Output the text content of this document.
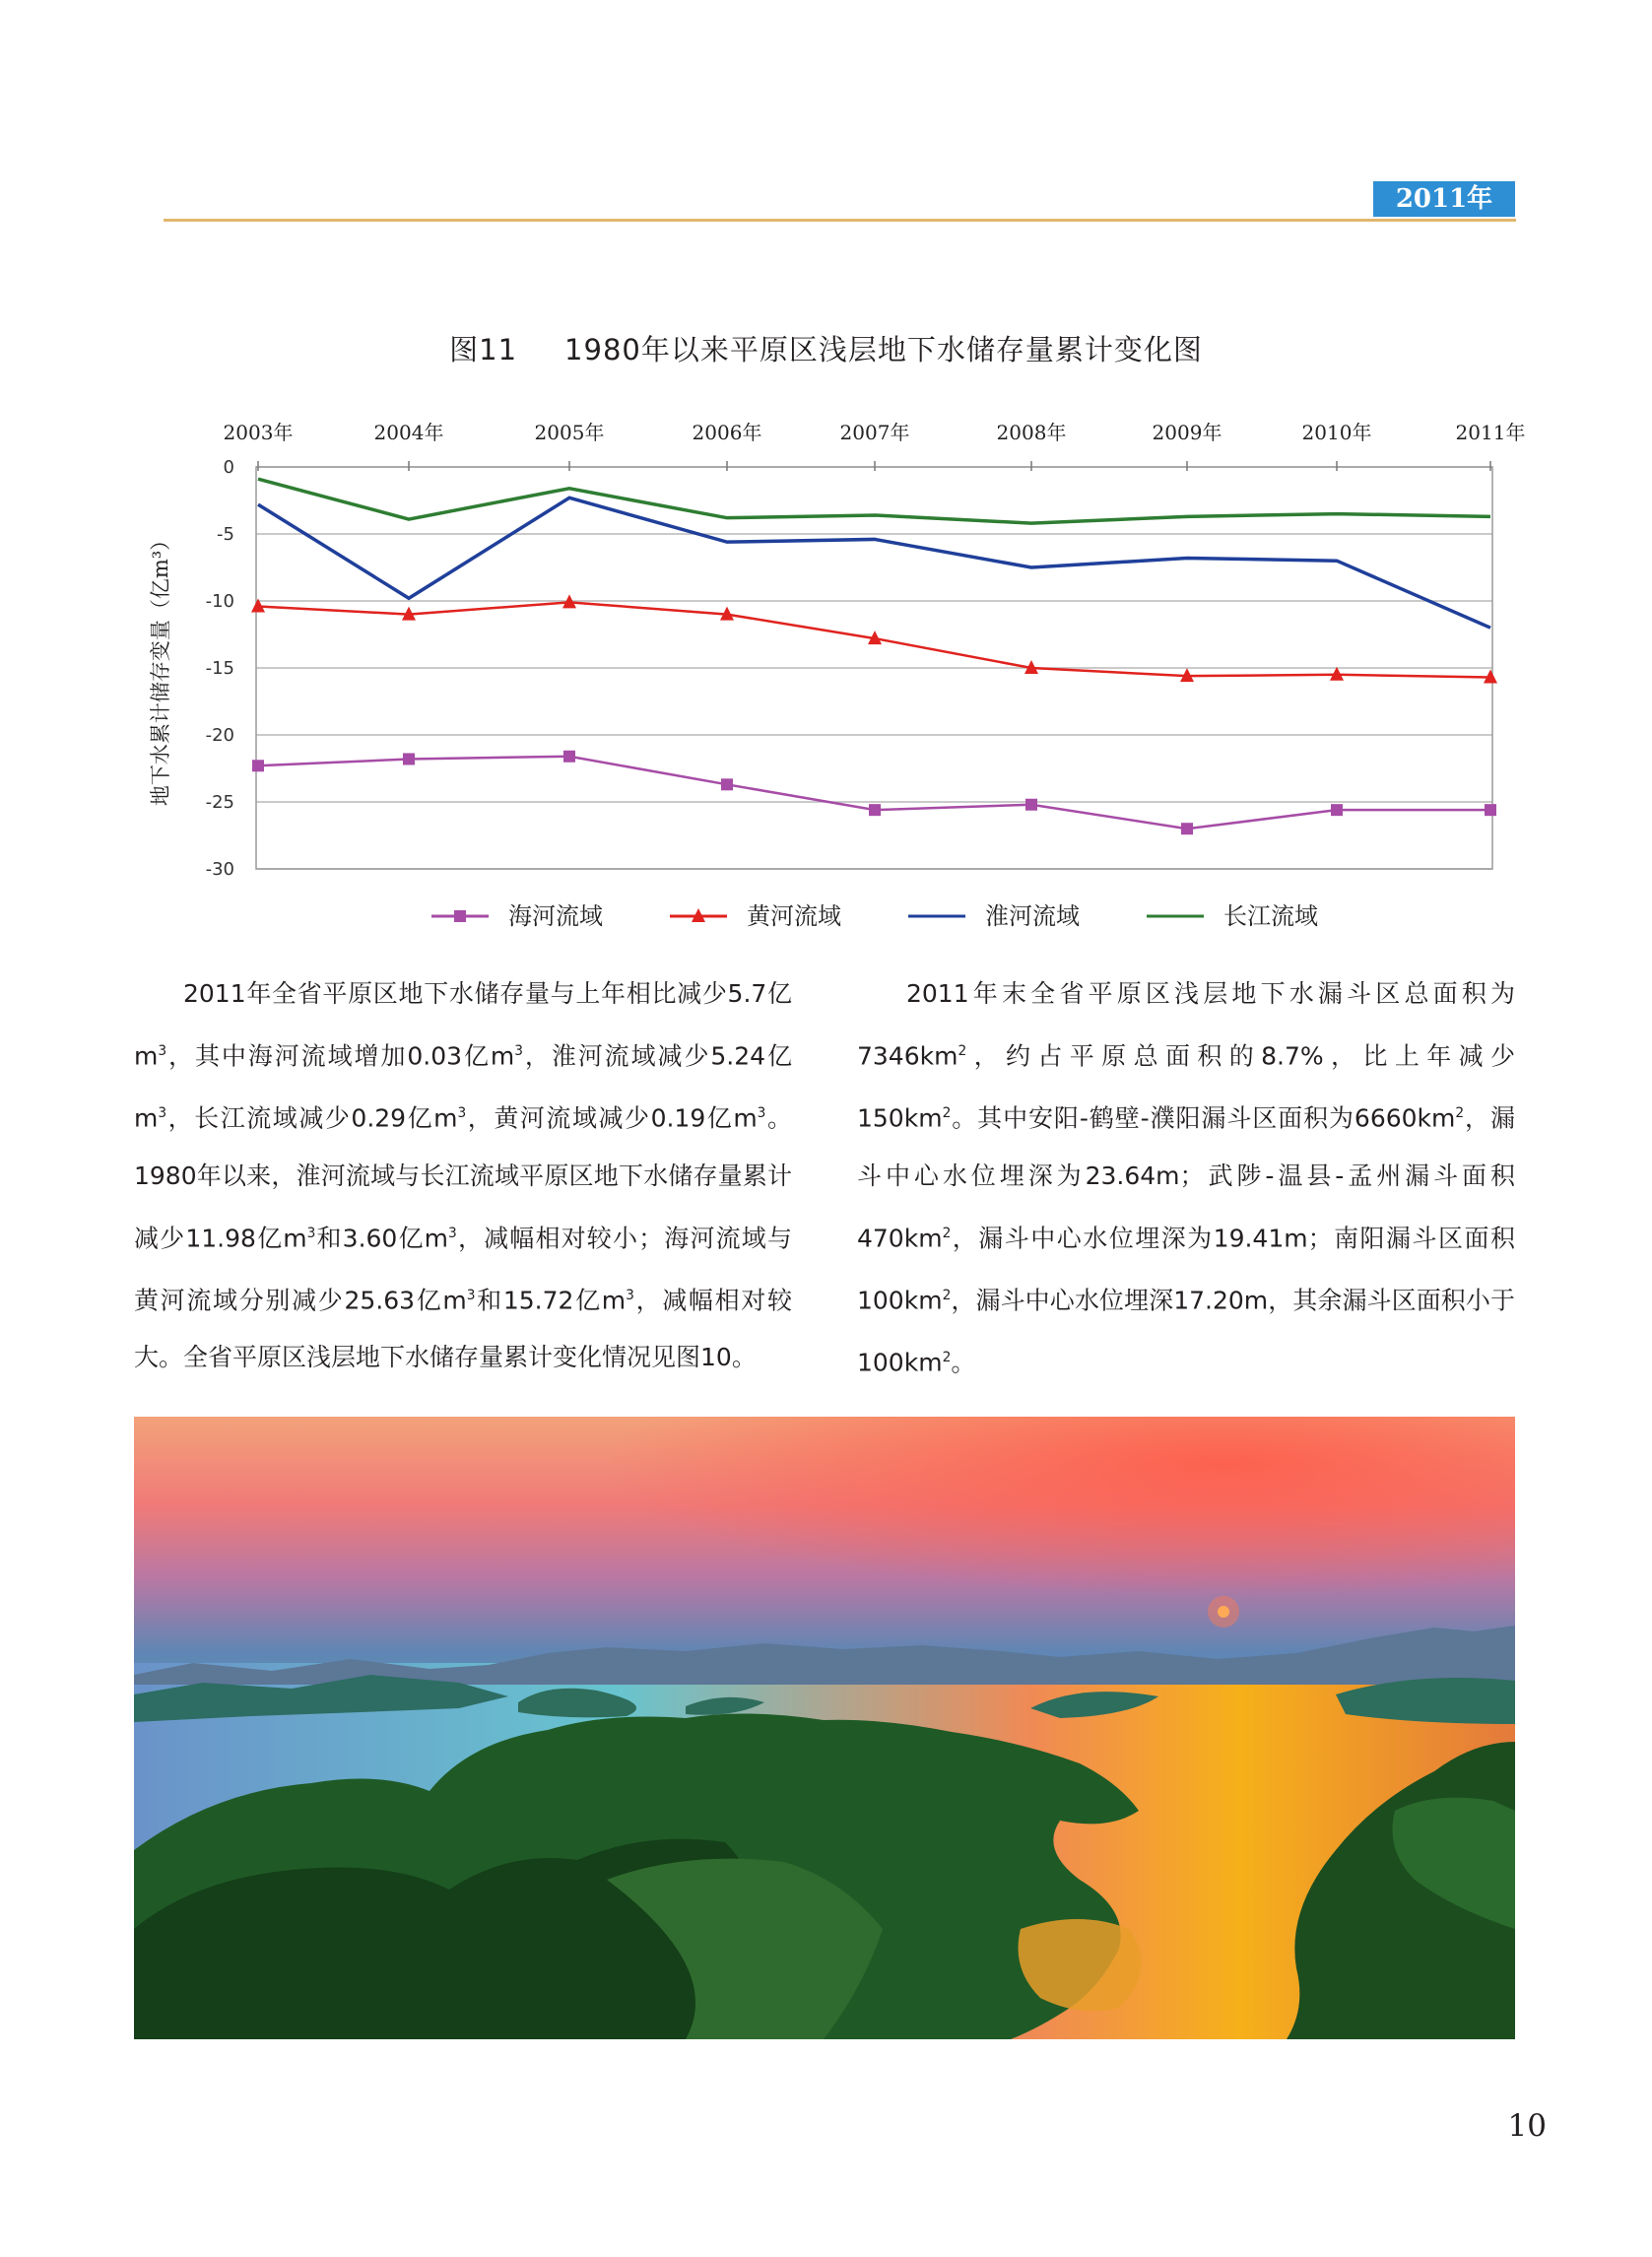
2011年
图11 1980年以来平原区浅层地下水储存量累计变化图
0
-5
-10
-15
-20
-25
-30
2003年	2004年	2005年	2006年	2007年	2008年	2009年	2010年	2011年
地下水累计储存变量（亿m³）
海河流域	黄河流域	淮河流域	长江流域

2011年全省平原区地下水储存量与上年相比减少5.7亿$m^3$，其中海河流域增加0.03亿$m^3$，淮河流域减少5.24亿$m^3$，长江流域减少0.29亿$m^3$，黄河流域减少0.19亿$m^3$。1980年以来，淮河流域与长江流域平原区地下水储存量累计减少11.98亿$m^3$和3.60亿$m^3$，减幅相对较小；海河流域与黄河流域分别减少25.63亿$m^3$和15.72亿$m^3$，减幅相对较大。全省平原区浅层地下水储存量累计变化情况见图10。

2011年末全省平原区浅层地下水漏斗区总面积为$7346km^2$，约占平原总面积的8.7%，比上年减少$150km^2$。其中安阳-鹤壁-濮阳漏斗区面积为$6660km^2$，漏斗中心水位埋深为23.64m；武陟-温县-孟州漏斗面积$470km^2$，漏斗中心水位埋深为19.41m；南阳漏斗区面积$100km^2$，漏斗中心水位埋深17.20m，其余漏斗区面积小于$100km^2$。

10
